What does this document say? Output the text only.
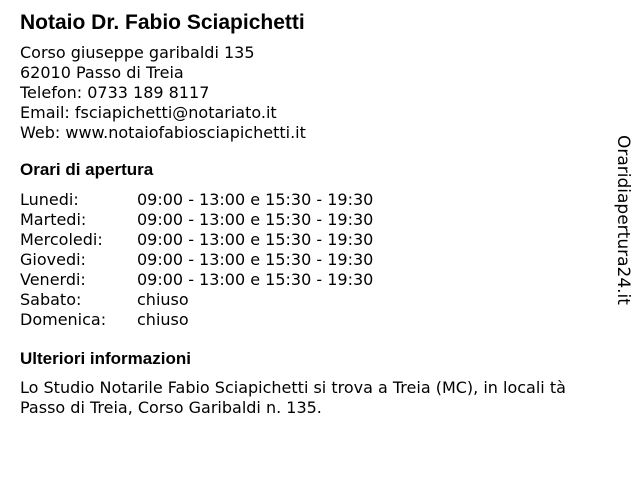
Notaio Dr. Fabio Sciapichetti
Corso giuseppe garibaldi 135
62010 Passo di Treia
Telefon: 0733 189 8117
Email: fsciapichetti@notariato.it
Web: www.notaiofabiosciapichetti.it
Orari di apertura
Lunedi:	09:00 - 13:00 e 15:30 - 19:30
Martedi:	09:00 - 13:00 e 15:30 - 19:30
Mercoledi:	09:00 - 13:00 e 15:30 - 19:30
Giovedi:	09:00 - 13:00 e 15:30 - 19:30
Venerdi:	09:00 - 13:00 e 15:30 - 19:30
Sabato:	chiuso
Domenica:	chiuso
Ulteriori informazioni
Lo Studio Notarile Fabio Sciapichetti si trova a Treia (MC), in locali tà Passo di Treia, Corso Garibaldi n. 135.
Oraridiapertura24.it
